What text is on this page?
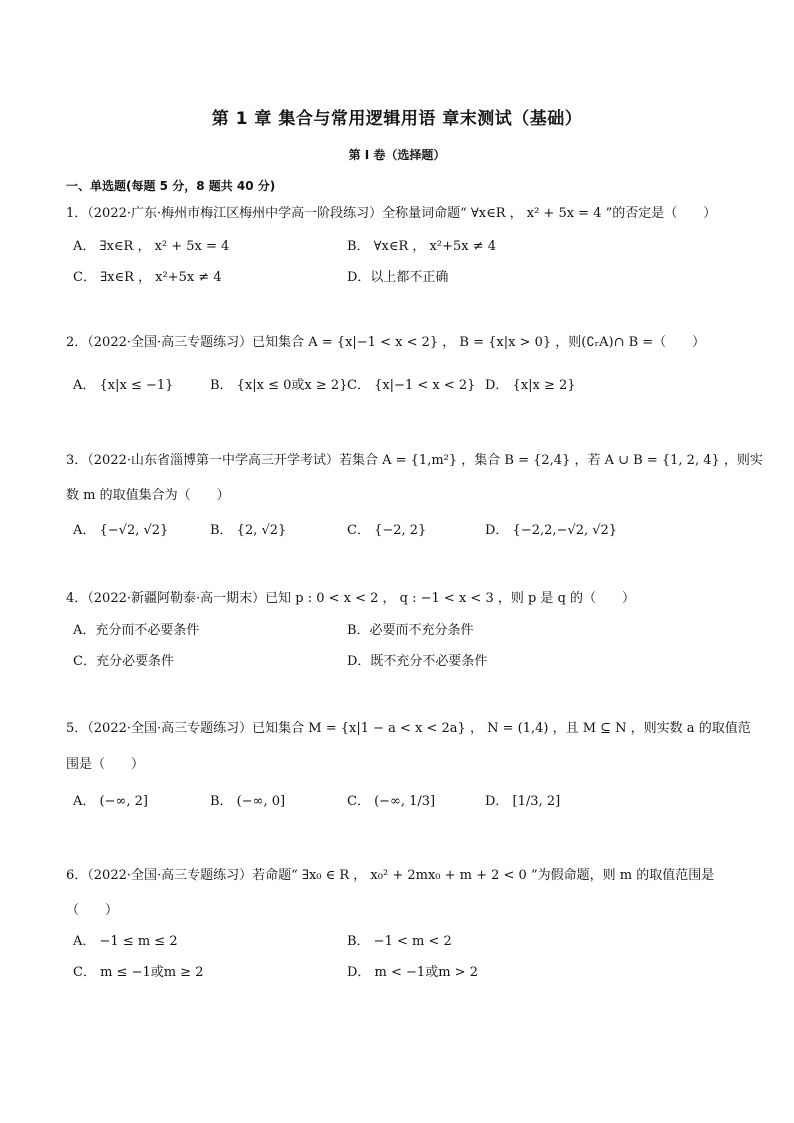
第 1 章 集合与常用逻辑用语 章末测试（基础）
第 I 卷（选择题）
一、单选题(每题 5 分，8 题共 40 分)
1．（2022·广东·梅州市梅江区梅州中学高一阶段练习）全称量词命题“ ∀x∈R ， x² + 5x = 4 ”的否定是（　　）
A． ∃x∈R ， x² + 5x = 4	B． ∀x∈R ， x²+5x ≠ 4
C． ∃x∈R ， x²+5x ≠ 4	D．以上都不正确
2．（2022·全国·高三专题练习）已知集合 A = {x|−1 < x < 2} ， B = {x|x > 0} ，则(∁ᵣA)∩ B =（　　）
A． {x|x ≤ −1}	B． {x|x ≤ 0或x ≥ 2} C． {x|−1 < x < 2} D． {x|x ≥ 2}
3．（2022·山东省淄博第一中学高三开学考试）若集合 A = {1,m²} ，集合 B = {2,4} ，若 A ∪ B = {1, 2, 4} ，则实
数 m 的取值集合为（　　）
A． {−√2, √2}	B． {2, √2}	C． {−2, 2}	D． {−2,2,−√2, √2}
4．（2022·新疆阿勒泰·高一期末）已知 p : 0 < x < 2 ， q : −1 < x < 3 ，则 p 是 q 的（　　）
A．充分而不必要条件	B．必要而不充分条件
C．充分必要条件	D．既不充分不必要条件
5．（2022·全国·高三专题练习）已知集合 M = {x|1 − a < x < 2a} ， N = (1,4) ，且 M ⊆ N ，则实数 a 的取值范
围是（　　）
A． (−∞, 2]	B． (−∞, 0]	C． (−∞, 1/3]	D． [1/3, 2]
6．（2022·全国·高三专题练习）若命题“ ∃x₀ ∈ R ， x₀² + 2mx₀ + m + 2 < 0 ”为假命题，则 m 的取值范围是
（　　）
A． −1 ≤ m ≤ 2	B． −1 < m < 2
C． m ≤ −1或m ≥ 2	D． m < −1或m > 2
